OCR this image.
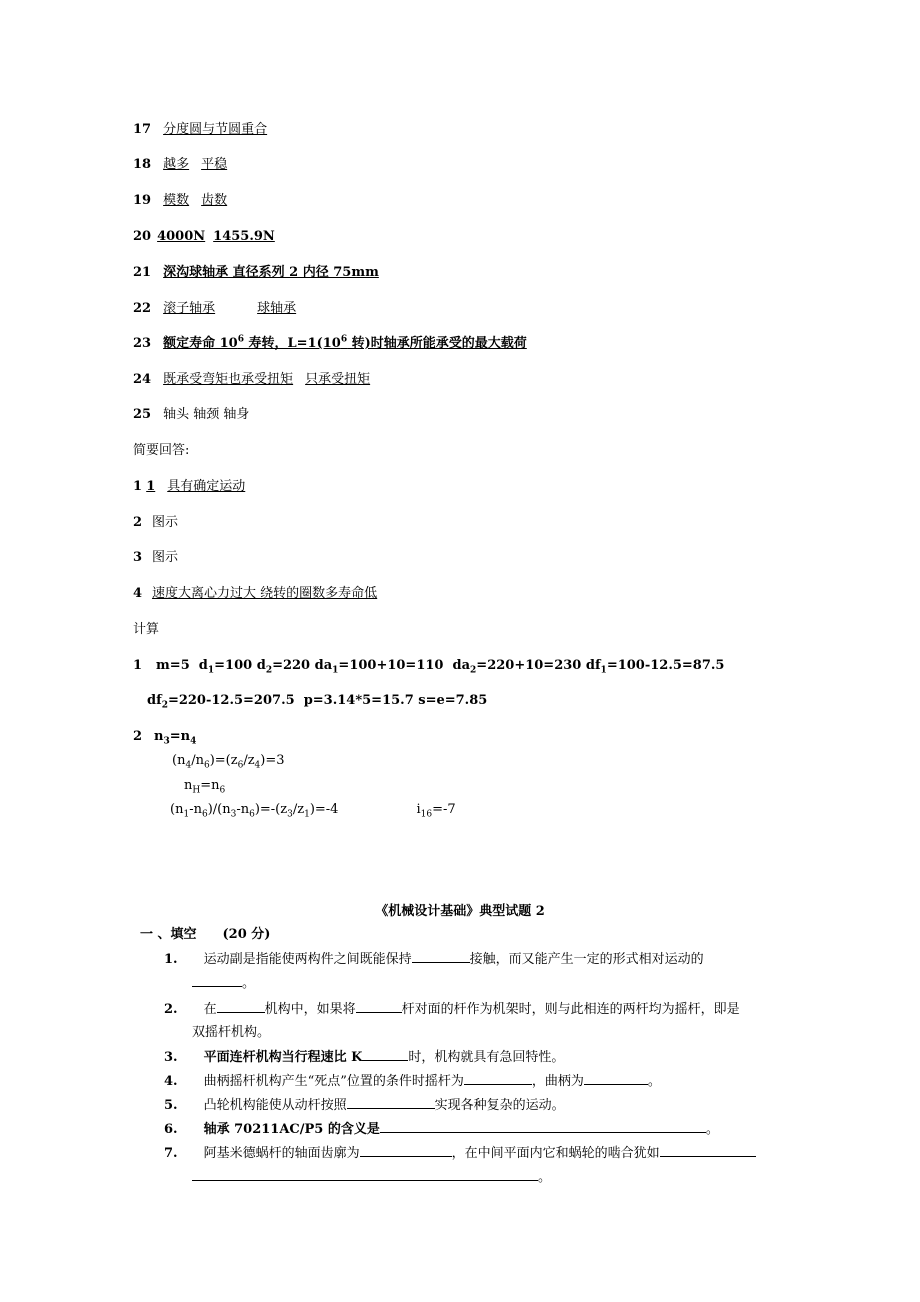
17 分度圆与节圆重合
18 越多 平稳
19 模数 齿数
20 4000N 1455.9N
21 深沟球轴承 直径系列 2 内径 75mm
22 滚子轴承	球轴承
23 额定寿命 $10^6$ 寿转，$L=1(10^6$ 转)时轴承所能承受的最大载荷
24 既承受弯矩也承受扭矩 只承受扭矩
25 轴头 轴颈 轴身
简要回答:
1 1 具有确定运动
2 图示
3 图示
4 速度大离心力过大 绕转的圈数多寿命低
计算
1 m=5  $d_1=100$ $d_2=220$ $da_1=100+10=110$  $da_2=220+10=230$ $df_1=100-12.5=87.5$
$df_2=220-12.5=207.5$  p=3.14*5=15.7 s=e=7.85
2 $n_3=n_4$
$(n_4/n_6)=(z_6/z_4)=3$
$n_H=n_6$
$(n_1-n_6)/(n_3-n_6)=-(z_3/z_1)=-4$	$i_{16}=-7$
《机械设计基础》典型试题 2
一 、填空 (20 分)
1. 运动副是指能使两构件之间既能保持	接触，而又能产生一定的形式相对运动的
。
2. 在	机构中，如果将	杆对面的杆作为机架时，则与此相连的两杆均为摇杆，即是
双摇杆机构。
3. 平面连杆机构当行程速比 K	时，机构就具有急回特性。
4. 曲柄摇杆机构产生“死点”位置的条件时摇杆为	，曲柄为	。
5. 凸轮机构能使从动杆按照	实现各种复杂的运动。
6. 轴承 70211AC/P5 的含义是	。
7. 阿基米德蜗杆的轴面齿廓为	，在中间平面内它和蜗轮的啮合犹如
。
